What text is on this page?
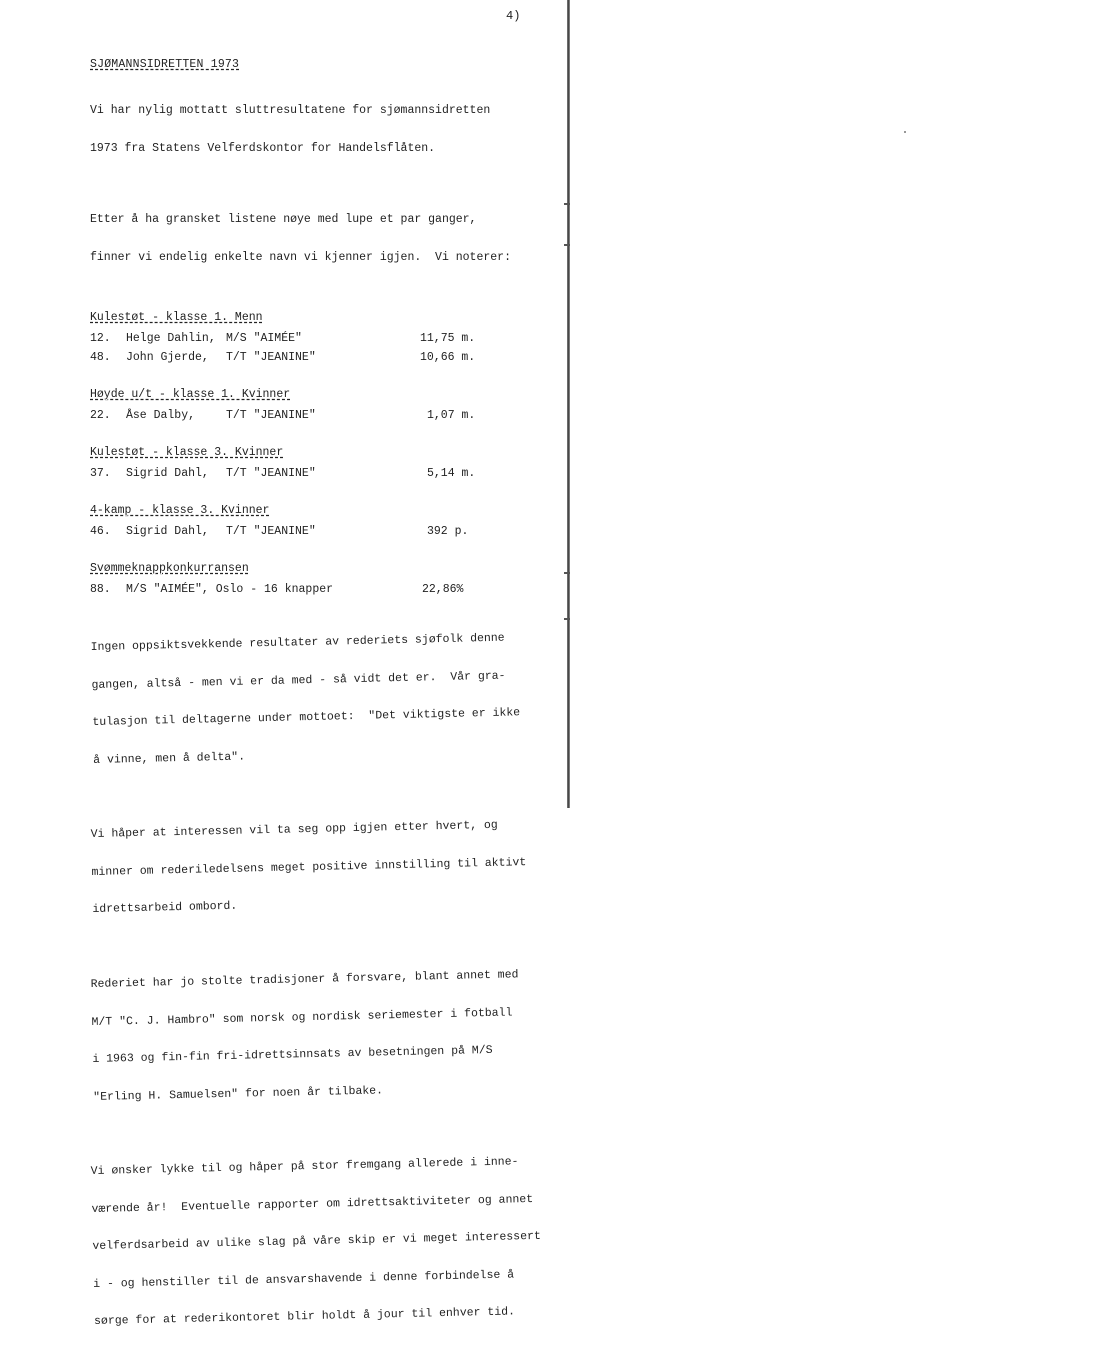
4)
SJØMANNSIDRETTEN 1973

Vi har nylig mottatt sluttresultatene for sjømannsidretten

1973 fra Statens Velferdskontor for Handelsflåten.

Etter å ha gransket listene nøye med lupe et par ganger,

finner vi endelig enkelte navn vi kjenner igjen.  Vi noterer:

Kulestøt - klasse 1. Menn
12. Helge Dahlin, M/S "AIMÉE"	11,75 m.
48. John Gjerde, T/T "JEANINE"	10,66 m.
Høyde u/t - klasse 1. Kvinner
22. Åse Dalby,	T/T "JEANINE"	1,07 m.
Kulestøt - klasse 3. Kvinner
37. Sigrid Dahl, T/T "JEANINE"	5,14 m.
4-kamp - klasse 3. Kvinner
46. Sigrid Dahl, T/T "JEANINE"	392 p.
Svømmeknappkonkurransen
88. M/S "AIMÉE", Oslo - 16 knapper	22,86%

Ingen oppsiktsvekkende resultater av rederiets sjøfolk denne

gangen, altså - men vi er da med - så vidt det er.  Vår gra-

tulasjon til deltagerne under mottoet:  "Det viktigste er ikke

å vinne, men å delta".

Vi håper at interessen vil ta seg opp igjen etter hvert, og

minner om rederiledelsens meget positive innstilling til aktivt

idrettsarbeid ombord.

Rederiet har jo stolte tradisjoner å forsvare, blant annet med

M/T "C. J. Hambro" som norsk og nordisk seriemester i fotball

i 1963 og fin-fin fri-idrettsinnsats av besetningen på M/S

"Erling H. Samuelsen" for noen år tilbake.

Vi ønsker lykke til og håper på stor fremgang allerede i inne-

værende år!  Eventuelle rapporter om idrettsaktiviteter og annet

velferdsarbeid av ulike slag på våre skip er vi meget interessert

i - og henstiller til de ansvarshavende i denne forbindelse å

sørge for at rederikontoret blir holdt å jour til enhver tid.
